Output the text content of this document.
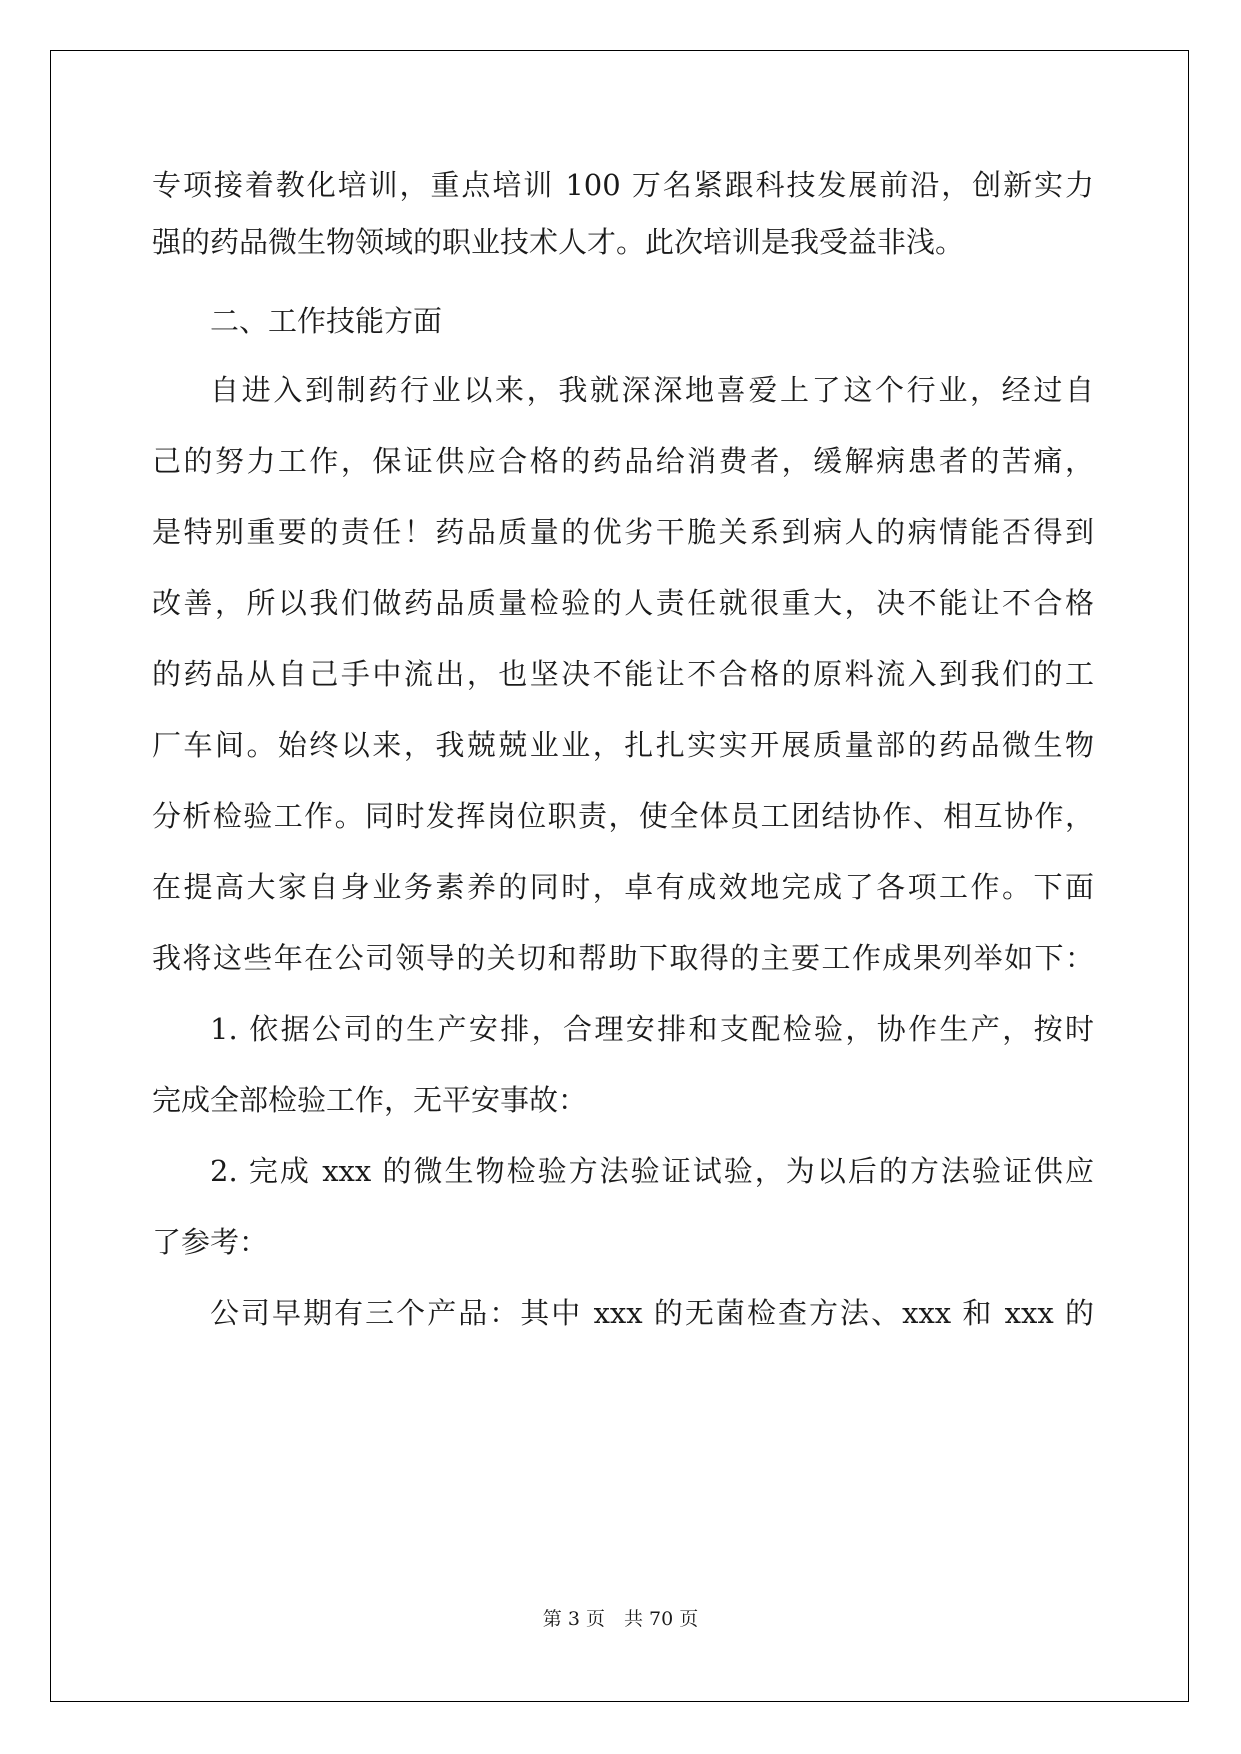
专项接着教化培训，重点培训 100 万名紧跟科技发展前沿，创新实力
强的药品微生物领域的职业技术人才。此次培训是我受益非浅。
二、工作技能方面
自进入到制药行业以来，我就深深地喜爱上了这个行业，经过自
己的努力工作，保证供应合格的药品给消费者，缓解病患者的苦痛，
是特别重要的责任！药品质量的优劣干脆关系到病人的病情能否得到
改善，所以我们做药品质量检验的人责任就很重大，决不能让不合格
的药品从自己手中流出，也坚决不能让不合格的原料流入到我们的工
厂车间。始终以来，我兢兢业业，扎扎实实开展质量部的药品微生物
分析检验工作。同时发挥岗位职责，使全体员工团结协作、相互协作，
在提高大家自身业务素养的同时，卓有成效地完成了各项工作。下面
我将这些年在公司领导的关切和帮助下取得的主要工作成果列举如下：
1. 依据公司的生产安排，合理安排和支配检验，协作生产，按时
完成全部检验工作，无平安事故：
2. 完成 xxx 的微生物检验方法验证试验，为以后的方法验证供应
了参考：
公司早期有三个产品：其中 xxx 的无菌检查方法、xxx 和 xxx 的
第 3 页　共 70 页
